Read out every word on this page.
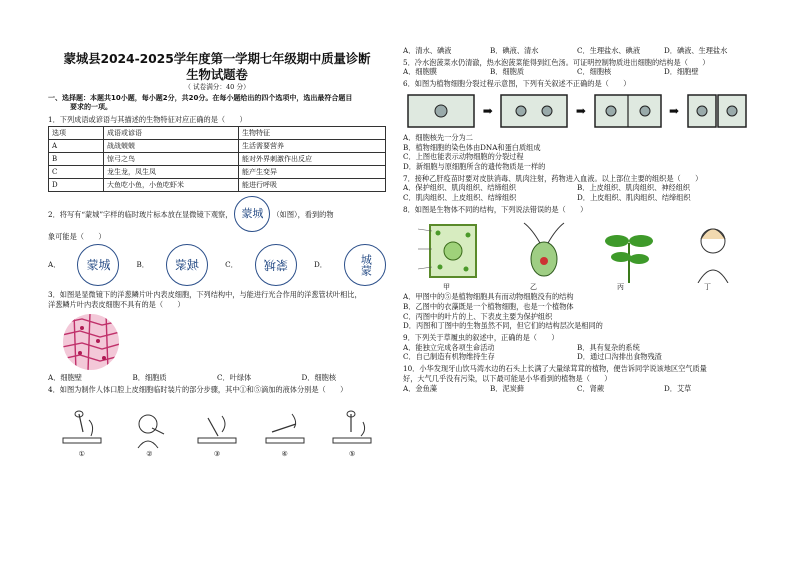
蒙城县2024-2025学年度第一学期七年级期中质量诊断
生物试题卷
（ 试卷满分：40 分）
一、选择题：本题共10小题，每小题2分，共20分。在每小题给出的四个选项中，选出最符合题目
要求的一项。
1．下列成语或谚语与其描述的生物特征对应正确的是（　　）
选项	成语或谚语	生物特征
A	战战兢兢	生活需要营养
B	惊弓之鸟	能对外界刺激作出反应
C	龙生龙，凤生凤	能产生变异
D	大鱼吃小鱼，小鱼吃虾米	能进行呼吸
2．将写有“蒙城”字样的临时玻片标本放在显微镜下观察， 蒙城	（如图），看到的物
象可能是（　　）
A．	蒙城	B．	城蒙	C．	蒙城	D．	城蒙
3．如图是显微镜下的洋葱鳞片叶内表皮细胞，下列结构中，与能进行光合作用的洋葱管状叶相比，
洋葱鳞片叶内表皮细胞不具有的是（　　）
A．细胞壁	B．细胞质	C．叶绿体	D．细胞核
4．如图为制作人体口腔上皮细胞临时装片的部分步骤，其中①和⑤滴加的液体分别是（　　）
①	②	③	④	⑤
A．清水、碘液	B．碘液、清水	C．生理盐水、碘液	D．碘液、生理盐水
5．冷水泡菠菜水仍清澈，热水泡菠菜能得到红色汤。可证明控制物质进出细胞的结构是（　　）
A．细胞膜	B．细胞质	C．细胞核	D．细胞壁
6．如图为植物细胞分裂过程示意图，下列有关叙述不正确的是（　　）
➡	➡	➡
A．细胞核先一分为二
B．植物细胞的染色体由DNA和蛋白质组成
C．上图也能表示动物细胞的分裂过程
D．新细胞与原细胞所含的遗传物质是一样的
7．接种乙肝疫苗时要对皮肤消毒、肌肉注射，药物进入血液。以上部位主要的组织是（　　）
A．保护组织、肌肉组织、结缔组织	B．上皮组织、肌肉组织、神经组织
C．肌肉组织、上皮组织、结缔组织	D．上皮组织、肌肉组织、结缔组织
8．如图是生物体不同的结构，下列说法错误的是（　　）
甲	乙	丙	丁
A．甲图中的⑤是植物细胞具有而动物细胞没有的结构
B．乙图中的衣藻既是一个植物细胞，也是一个植物体
C．丙图中的叶片的上、下表皮主要为保护组织
D．丙图和丁图中的生物虽然不同，但它们的结构层次是相同的
9．下列关于草履虫的叙述中，正确的是（　　）
A．能独立完成各项生命活动	B．具有复杂的系统
C．自己制造有机物维持生存	D．通过口沟排出食物残渣
10．小华发现牙山饮马湾水边的石头上长满了大量绿茸茸的植物，便告诉同学说该地区空气质量
好，大气几乎没有污染，以下最可能是小华看到的植物是（　　）
A．金鱼藻	B．泥炭藓	C．肾蕨	D．艾草
